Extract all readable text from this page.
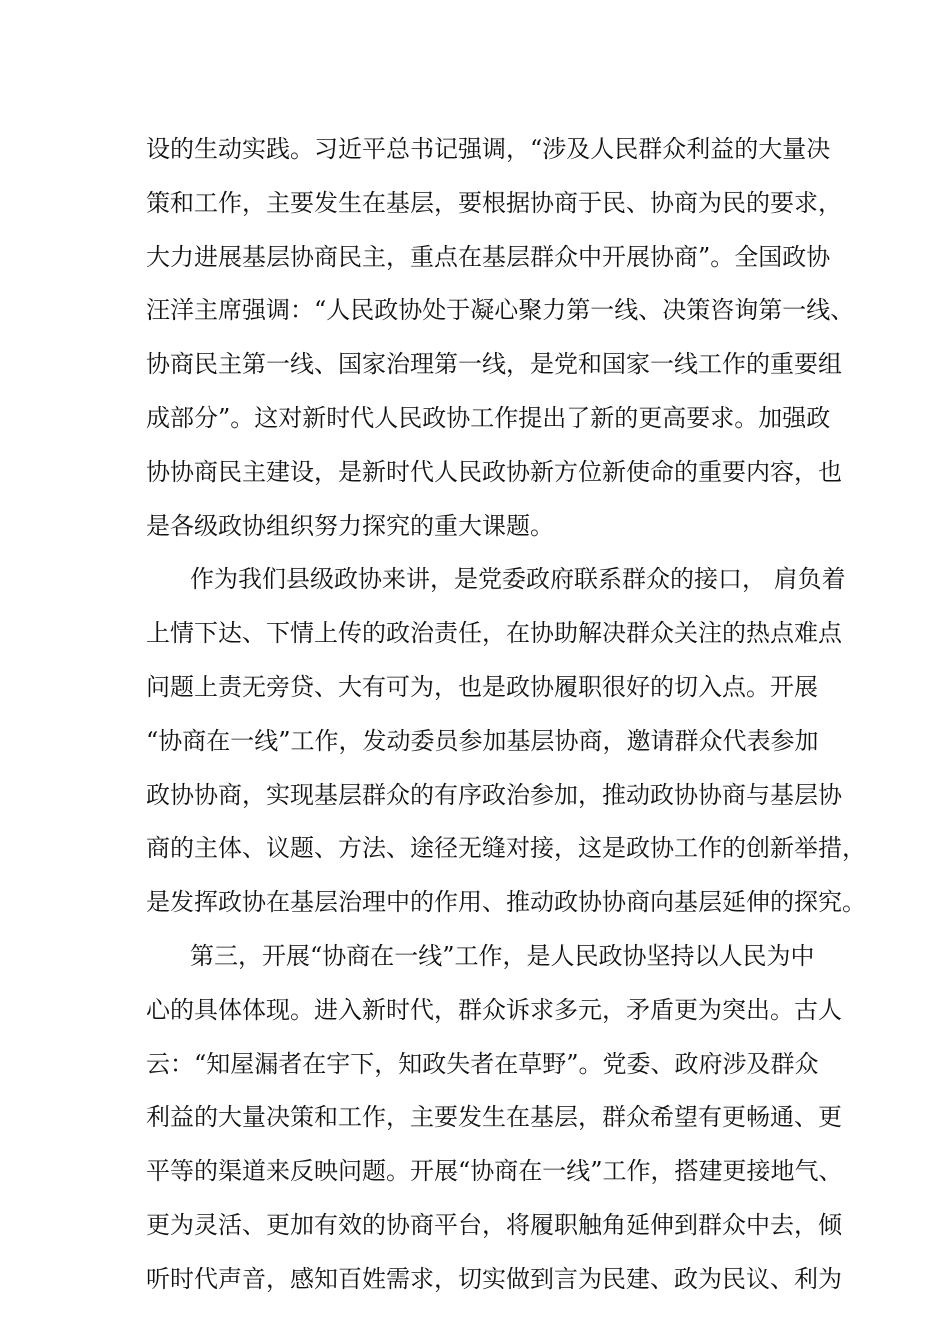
设的生动实践。习近平总书记强调，“涉及人民群众利益的大量决
策和工作，主要发生在基层，要根据协商于民、协商为民的要求，
大力进展基层协商民主，重点在基层群众中开展协商”。全国政协
汪洋主席强调：“人民政协处于凝心聚力第一线、决策咨询第一线、
协商民主第一线、国家治理第一线，是党和国家一线工作的重要组
成部分”。这对新时代人民政协工作提出了新的更高要求。加强政
协协商民主建设，是新时代人民政协新方位新使命的重要内容，也
是各级政协组织努力探究的重大课题。
作为我们县级政协来讲，是党委政府联系群众的接口， 肩负着
上情下达、下情上传的政治责任，在协助解决群众关注的热点难点
问题上责无旁贷、大有可为，也是政协履职很好的切入点。开展
“协商在一线”工作，发动委员参加基层协商，邀请群众代表参加
政协协商，实现基层群众的有序政治参加，推动政协协商与基层协
商的主体、议题、方法、途径无缝对接，这是政协工作的创新举措，
是发挥政协在基层治理中的作用、推动政协协商向基层延伸的探究。
第三，开展“协商在一线”工作，是人民政协坚持以人民为中
心的具体体现。进入新时代，群众诉求多元，矛盾更为突出。古人
云：“知屋漏者在宇下，知政失者在草野”。党委、政府涉及群众
利益的大量决策和工作，主要发生在基层，群众希望有更畅通、更
平等的渠道来反映问题。开展“协商在一线”工作，搭建更接地气、
更为灵活、更加有效的协商平台，将履职触角延伸到群众中去，倾
听时代声音，感知百姓需求，切实做到言为民建、政为民议、利为
